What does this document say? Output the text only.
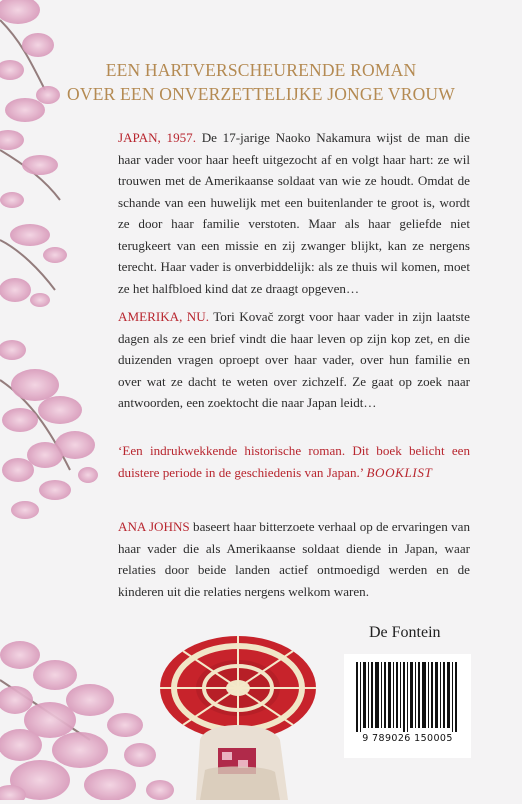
EEN HARTVERSCHEURENDE ROMAN
OVER EEN ONVERZETTELIJKE JONGE VROUW

JAPAN, 1957. De 17-jarige Naoko Nakamura wijst de man die haar vader voor haar heeft uitgezocht af en volgt haar hart: ze wil trouwen met de Amerikaanse soldaat van wie ze houdt. Omdat de schande van een huwelijk met een buitenlander te groot is, wordt ze door haar familie verstoten. Maar als haar geliefde niet terugkeert van een missie en zij zwanger blijkt, kan ze nergens terecht. Haar vader is onverbiddelijk: als ze thuis wil komen, moet ze het halfbloed kind dat ze draagt opgeven…

AMERIKA, NU. Tori Kovač zorgt voor haar vader in zijn laatste dagen als ze een brief vindt die haar leven op zijn kop zet, en die duizenden vragen oproept over haar vader, over hun familie en over wat ze dacht te weten over zichzelf. Ze gaat op zoek naar antwoorden, een zoektocht die naar Japan leidt…

‘Een indrukwekkende historische roman. Dit boek belicht een duistere periode in de geschiedenis van Japan.’ BOOKLIST

ANA JOHNS baseert haar bitterzoete verhaal op de ervaringen van haar vader die als Amerikaanse soldaat diende in Japan, waar relaties door beide landen actief ontmoedigd werden en de kinderen uit die relaties nergens welkom waren.

De Fontein

9 789026 150005
